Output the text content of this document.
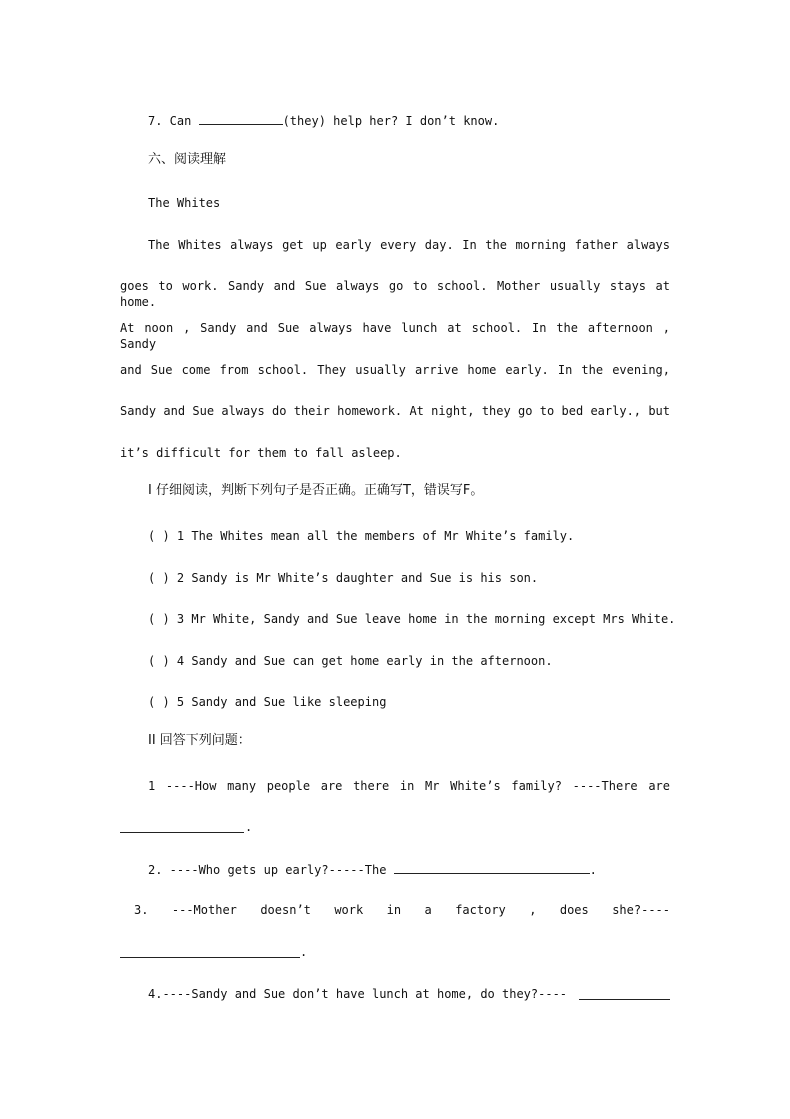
7. Can	(they) help her? I don’t know.
六、阅读理解
The Whites
The Whites always get up early every day. In the morning father always
goes to work. Sandy and Sue always go to school. Mother usually stays at home.
At noon , Sandy and Sue always have lunch at school. In the afternoon , Sandy
and Sue come from school. They usually arrive home early. In the evening,
Sandy and Sue always do their homework. At night, they go to bed early., but
it’s difficult for them to fall asleep.
I 仔细阅读，判断下列句子是否正确。正确写T，错误写F。
( ) 1 The Whites mean all the members of Mr White’s family.
( ) 2 Sandy is Mr White’s daughter and Sue is his son.
( ) 3 Mr White, Sandy and Sue leave home in the morning except Mrs White.
( ) 4 Sandy and Sue can get home early in the afternoon.
( ) 5 Sandy and Sue like sleeping
II 回答下列问题：
1 ----How many people are there in Mr White’s family? ----There are
.
2. ----Who gets up early?-----The	.
3. ---Mother doesn’t work in a factory , does she?----
.
4.----Sandy and Sue don’t have lunch at home, do they?----
